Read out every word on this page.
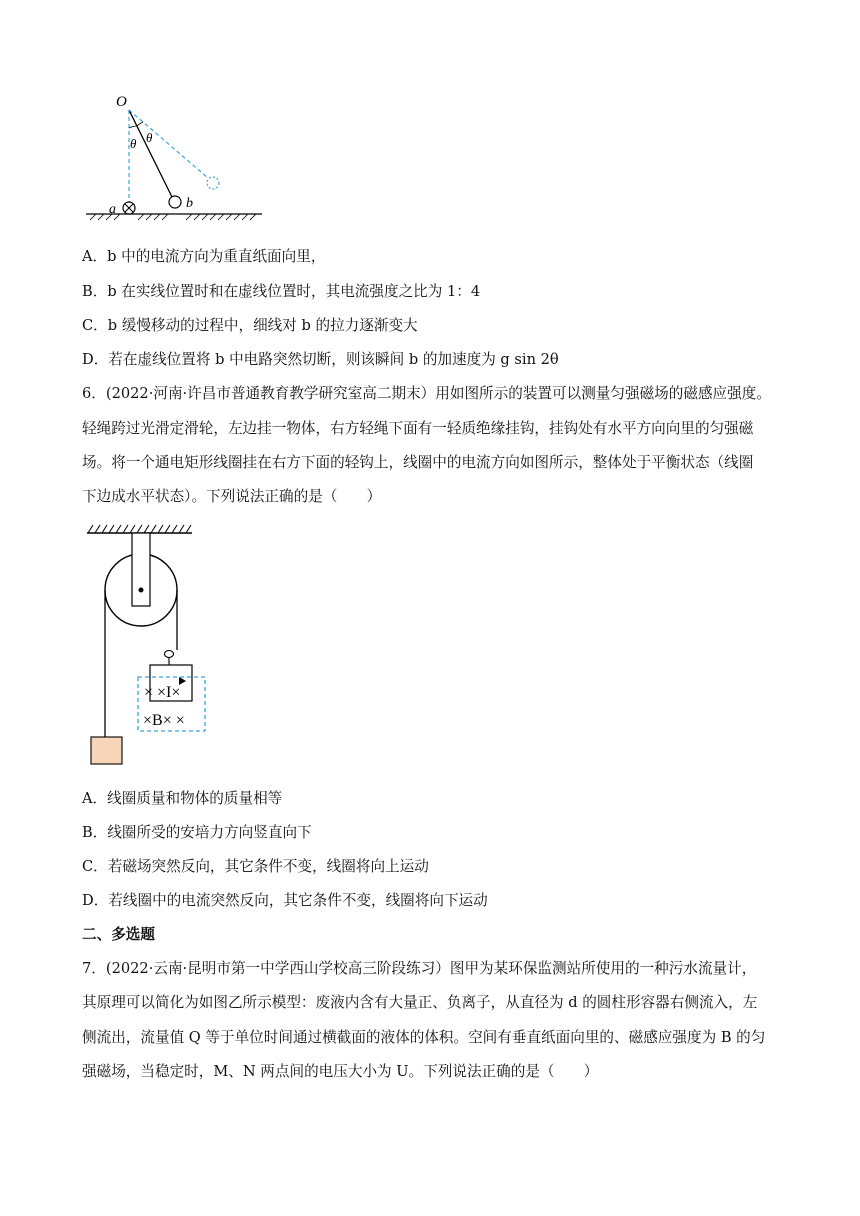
O
θ θ
a	b

A．b 中的电流方向为重直纸面向里，

B．b 在实线位置时和在虚线位置时，其电流强度之比为 1：4

C．b 缓慢移动的过程中，细线对 b 的拉力逐渐变大

D．若在虚线位置将 b 中电路突然切断，则该瞬间 b 的加速度为 g sin 2θ

6．(2022·河南·许昌市普通教育教学研究室高二期末）用如图所示的装置可以测量匀强磁场的磁感应强度。

轻绳跨过光滑定滑轮，左边挂一物体，右方轻绳下面有一轻质绝缘挂钩，挂钩处有水平方向向里的匀强磁

场。将一个通电矩形线圈挂在右方下面的轻钩上，线圈中的电流方向如图所示，整体处于平衡状态（线圈

下边成水平状态）。下列说法正确的是（　　）

× ×I×
×B× ×

A．线圈质量和物体的质量相等

B．线圈所受的安培力方向竖直向下

C．若磁场突然反向，其它条件不变，线圈将向上运动

D．若线圈中的电流突然反向，其它条件不变，线圈将向下运动

二、多选题

7．(2022·云南·昆明市第一中学西山学校高三阶段练习）图甲为某环保监测站所使用的一种污水流量计，

其原理可以简化为如图乙所示模型：废液内含有大量正、负离子，从直径为 d 的圆柱形容器右侧流入，左

侧流出，流量值 Q 等于单位时间通过横截面的液体的体积。空间有垂直纸面向里的、磁感应强度为 B 的匀

强磁场，当稳定时，M、N 两点间的电压大小为 U。下列说法正确的是（　　）
